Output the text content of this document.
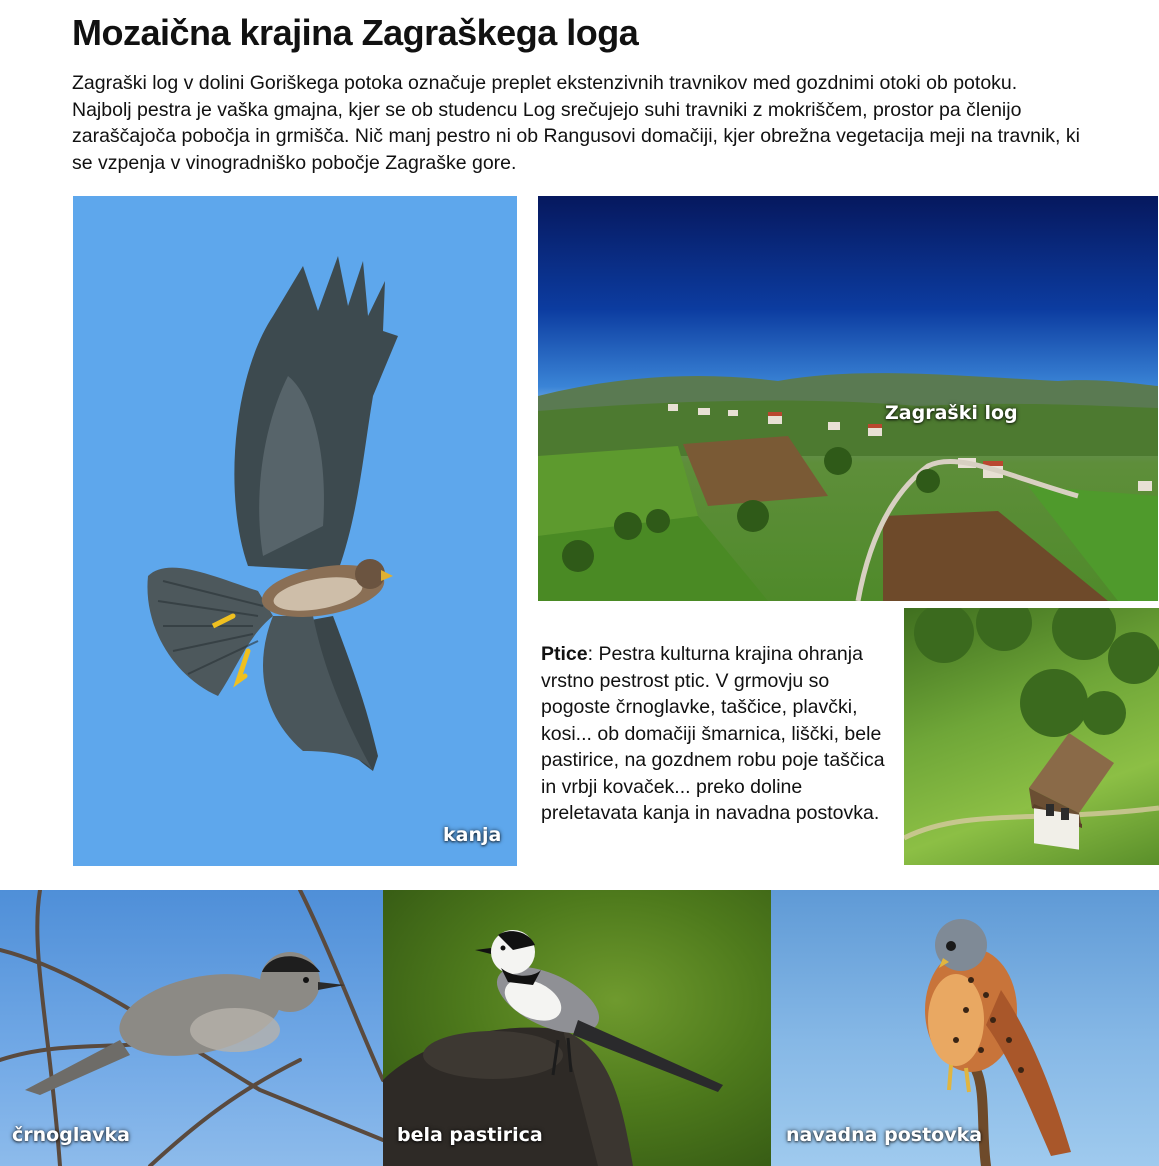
Mozaična krajina Zagraškega loga

Zagraški log v dolini Goriškega potoka označuje preplet ekstenzivnih travnikov med gozdnimi otoki ob potoku. Najbolj pestra je vaška gmajna, kjer se ob studencu Log srečujejo suhi travniki z mokriščem, prostor pa členijo zaraščajoča pobočja in grmišča. Nič manj pestro ni ob Rangusovi domačiji, kjer obrežna vegetacija meji na travnik, ki se vzpenja v vinogradniško pobočje Zagraške gore.

kanja
Zagraški log

Ptice: Pestra kulturna krajina ohranja vrstno pestrost ptic. V grmovju so pogoste črnoglavke, taščice, plavčki, kosi... ob domačiji šmarnica, liščki, bele pastirice, na gozdnem robu poje taščica in vrbji kovaček... preko doline preletavata kanja in navadna postovka.

črnoglavka	bela pastirica	navadna postovka
